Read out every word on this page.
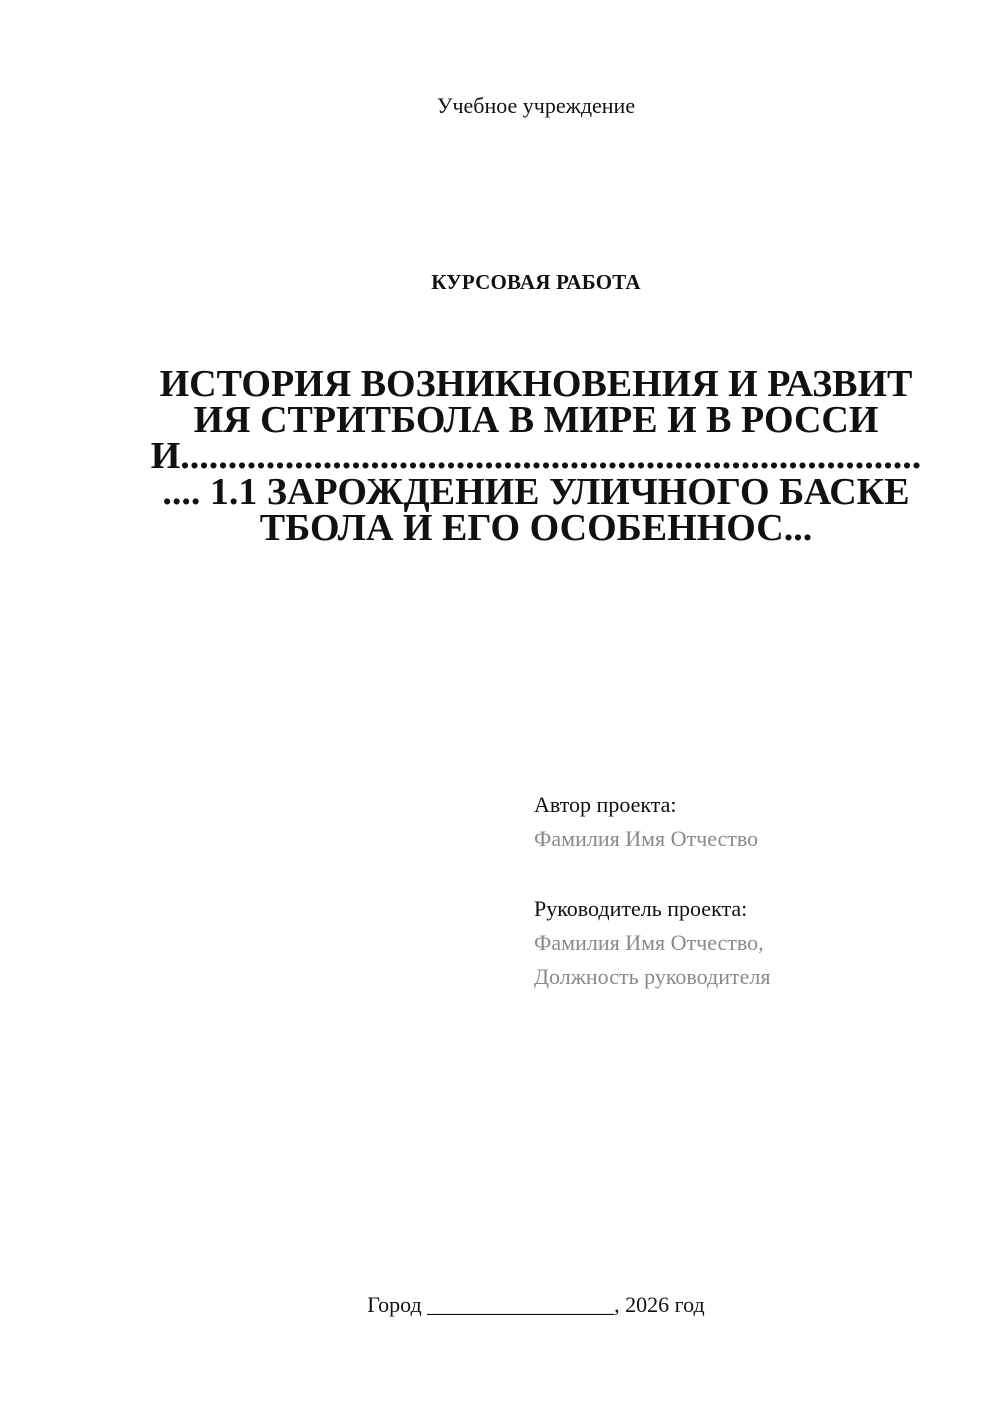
Учебное учреждение
КУРСОВАЯ РАБОТА
ИСТОРИЯ ВОЗНИКНОВЕНИЯ И РАЗВИТИЯ СТРИТБОЛА В МИРЕ И В РОССИИ.................................................................................. 1.1 ЗАРОЖДЕНИЕ УЛИЧНОГО БАСКЕТБОЛА И ЕГО ОСОБЕННОС...
Автор проекта:
Фамилия Имя Отчество
Руководитель проекта:
Фамилия Имя Отчество,
Должность руководителя
Город _________________, 2026 год
